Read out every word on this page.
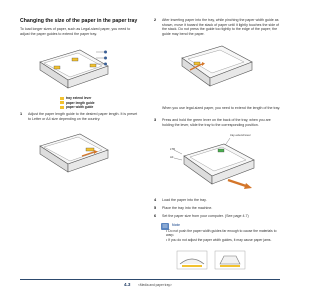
Changing the size of the paper in the paper tray
To load longer sizes of paper, such as Legal-sized paper, you need to adjust the paper guides to extend the paper tray.
tray extend lever
paper length guide
paper width guide
1 Adjust the paper length guide to the desired paper length. It is preset to Letter or A4 size depending on the country.
2 After inserting paper into the tray, while pinching the paper width guide as shown, move it toward the stack of paper until it lightly touches the side of the stack. Do not press the guide too tightly to the edge of the paper; the guide may bend the paper.
When you use legal-sized paper, you need to extend the length of the tray.
3 Press and hold the green lever on the back of the tray, when you are holding the lever, slide the tray to the corresponding position.
tray extend lever
LTR
A4
4 Load the paper into the tray.
5 Place the tray into the machine.
6 Set the paper size from your computer. (See page 4.7)
Note
• Do not push the paper width guides far enough to cause the materials to warp.
• If you do not adjust the paper width guides, it may cause paper jams.
4.3 <Media and paper tray>
